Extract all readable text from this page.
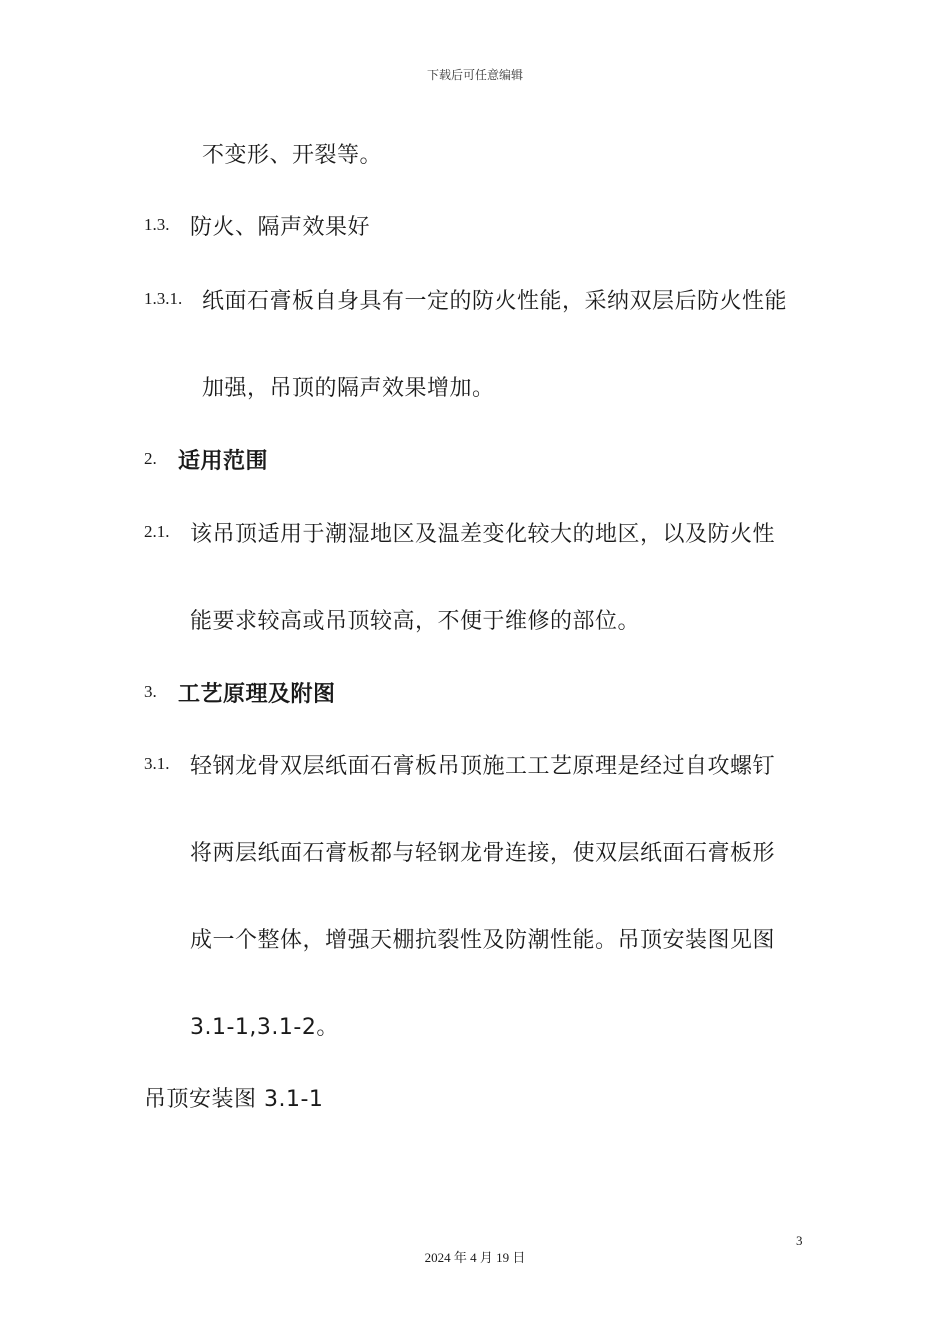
下载后可任意编辑
不变形、开裂等。
1.3. 防火、隔声效果好
1.3.1. 纸面石膏板自身具有一定的防火性能，采纳双层后防火性能
加强，吊顶的隔声效果增加。
2. 适用范围
2.1. 该吊顶适用于潮湿地区及温差变化较大的地区，以及防火性
能要求较高或吊顶较高，不便于维修的部位。
3. 工艺原理及附图
3.1. 轻钢龙骨双层纸面石膏板吊顶施工工艺原理是经过自攻螺钉
将两层纸面石膏板都与轻钢龙骨连接，使双层纸面石膏板形
成一个整体，增强天棚抗裂性及防潮性能。吊顶安装图见图
3.1-1,3.1-2。
吊顶安装图 3.1-1
3
2024 年 4 月 19 日
